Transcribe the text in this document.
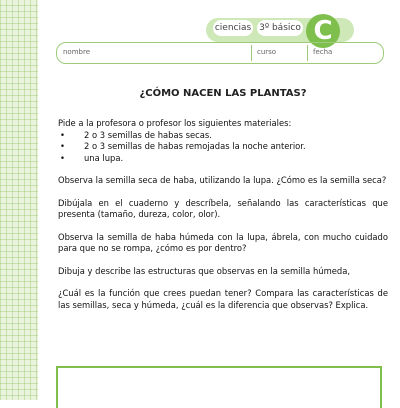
ciencias 3º básico C
nombre	curso	fecha
¿CÓMO NACEN LAS PLANTAS?

Pide a la profesora o profesor los siguientes materiales:

• 2 o 3 semillas de habas secas.
• 2 o 3 semillas de habas remojadas la noche anterior.
• una lupa.

Observa la semilla seca de haba, utilizando la lupa. ¿Cómo es la semilla seca?

Dibújala en el cuaderno y descríbela, señalando las características que presenta (tamaño, dureza, color, olor).

Observa la semilla de haba húmeda con la lupa, ábrela, con mucho cuidado para que no se rompa, ¿cómo es por dentro?

Dibuja y describe las estructuras que observas en la semilla húmeda,

¿Cuál es la función que crees puedan tener? Compara las características de las semillas, seca y húmeda, ¿cuál es la diferencia que observas? Explica.
